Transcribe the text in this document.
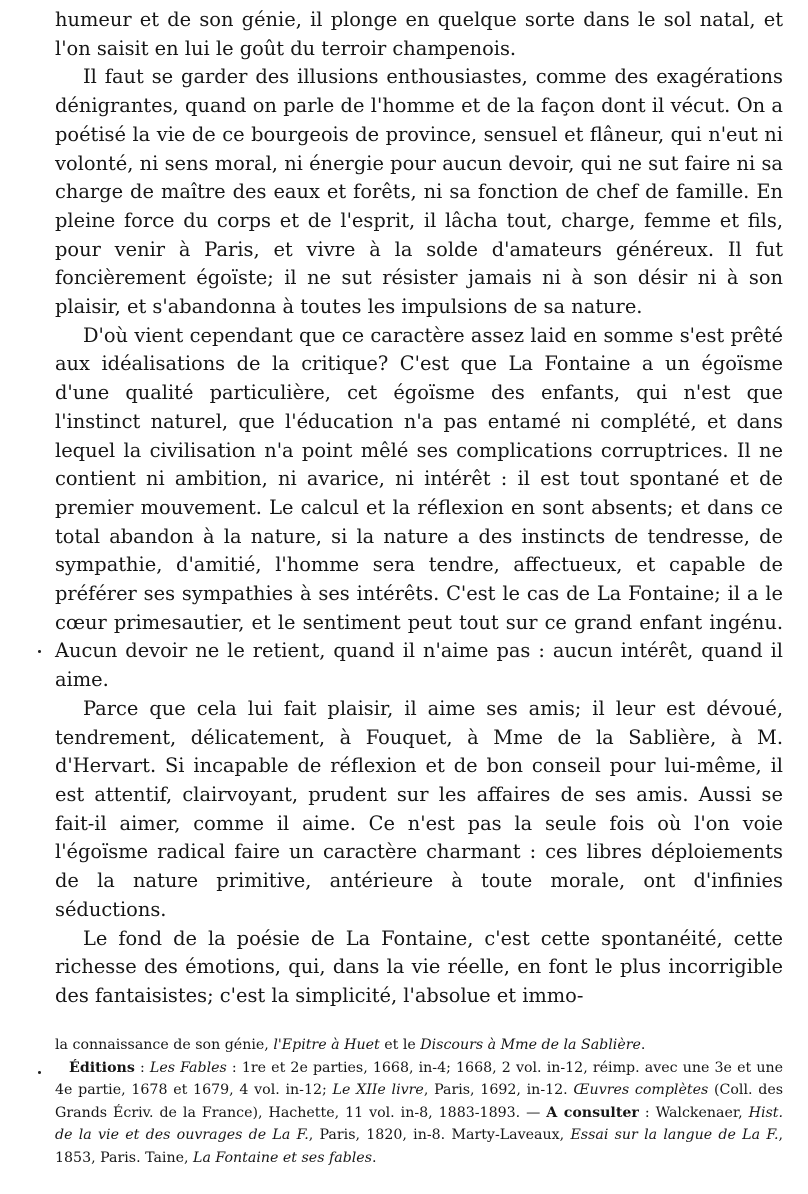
humeur et de son génie, il plonge en quelque sorte dans le sol natal, et l'on saisit en lui le goût du terroir champenois.

Il faut se garder des illusions enthousiastes, comme des exagérations dénigrantes, quand on parle de l'homme et de la façon dont il vécut. On a poétisé la vie de ce bourgeois de province, sensuel et flâneur, qui n'eut ni volonté, ni sens moral, ni énergie pour aucun devoir, qui ne sut faire ni sa charge de maître des eaux et forêts, ni sa fonction de chef de famille. En pleine force du corps et de l'esprit, il lâcha tout, charge, femme et fils, pour venir à Paris, et vivre à la solde d'amateurs généreux. Il fut foncièrement égoïste; il ne sut résister jamais ni à son désir ni à son plaisir, et s'abandonna à toutes les impulsions de sa nature.

D'où vient cependant que ce caractère assez laid en somme s'est prêté aux idéalisations de la critique? C'est que La Fontaine a un égoïsme d'une qualité particulière, cet égoïsme des enfants, qui n'est que l'instinct naturel, que l'éducation n'a pas entamé ni complété, et dans lequel la civilisation n'a point mêlé ses complications corruptrices. Il ne contient ni ambition, ni avarice, ni intérêt : il est tout spontané et de premier mouvement. Le calcul et la réflexion en sont absents; et dans ce total abandon à la nature, si la nature a des instincts de tendresse, de sympathie, d'amitié, l'homme sera tendre, affectueux, et capable de préférer ses sympathies à ses intérêts. C'est le cas de La Fontaine; il a le cœur primesautier, et le sentiment peut tout sur ce grand enfant ingénu. Aucun devoir ne le retient, quand il n'aime pas : aucun intérêt, quand il aime.

Parce que cela lui fait plaisir, il aime ses amis; il leur est dévoué, tendrement, délicatement, à Fouquet, à Mme de la Sablière, à M. d'Hervart. Si incapable de réflexion et de bon conseil pour lui-même, il est attentif, clairvoyant, prudent sur les affaires de ses amis. Aussi se fait-il aimer, comme il aime. Ce n'est pas la seule fois où l'on voie l'égoïsme radical faire un caractère charmant : ces libres déploiements de la nature primitive, antérieure à toute morale, ont d'infinies séductions.

Le fond de la poésie de La Fontaine, c'est cette spontanéité, cette richesse des émotions, qui, dans la vie réelle, en font le plus incorrigible des fantaisistes; c'est la simplicité, l'absolue et immo-

la connaissance de son génie, l'Epitre à Huet et le Discours à Mme de la Sablière.

Éditions : Les Fables : 1re et 2e parties, 1668, in-4; 1668, 2 vol. in-12, réimp. avec une 3e et une 4e partie, 1678 et 1679, 4 vol. in-12; Le XIIe livre, Paris, 1692, in-12. Œuvres complètes (Coll. des Grands Écriv. de la France), Hachette, 11 vol. in-8, 1883-1893. — A consulter : Walckenaer, Hist. de la vie et des ouvrages de La F., Paris, 1820, in-8. Marty-Laveaux, Essai sur la langue de La F., 1853, Paris. Taine, La Fontaine et ses fables.
